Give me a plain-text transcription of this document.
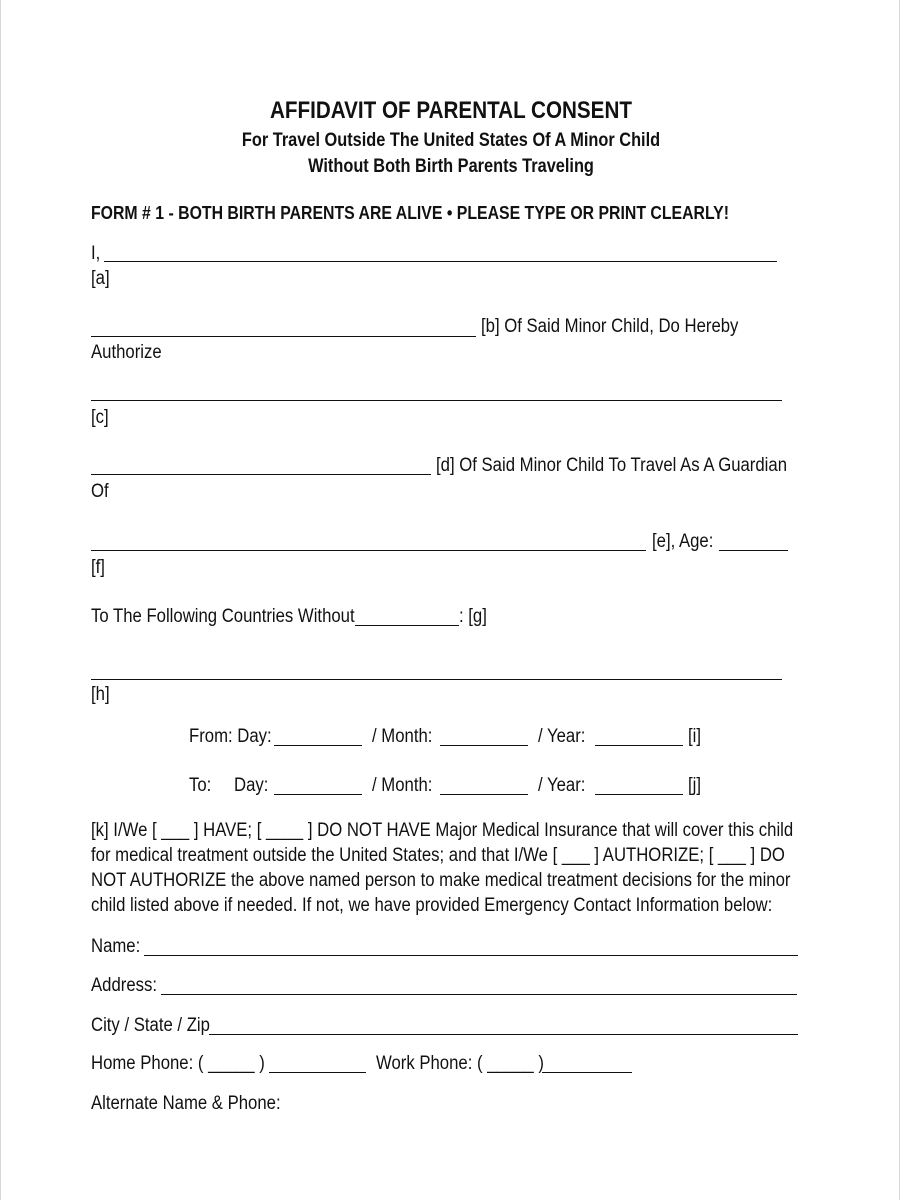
AFFIDAVIT OF PARENTAL CONSENT
For Travel Outside The United States Of A Minor Child
Without Both Birth Parents Traveling
FORM # 1 - BOTH BIRTH PARENTS ARE ALIVE • PLEASE TYPE OR PRINT CLEARLY!
I,
[a]
[b] Of Said Minor Child, Do Hereby
Authorize
[c]
[d] Of Said Minor Child To Travel As A Guardian
Of
[e], Age:
[f]
To The Following Countries Without	: [g]
[h]
From: Day:	/ Month:	/ Year:	[i]
To: Day:	/ Month:	/ Year:	[j]
[k] I/We [ ___ ] HAVE; [ ____ ] DO NOT HAVE Major Medical Insurance that will cover this child
for medical treatment outside the United States; and that I/We [ ___ ] AUTHORIZE; [ ___ ] DO
NOT AUTHORIZE the above named person to make medical treatment decisions for the minor
child listed above if needed. If not, we have provided Emergency Contact Information below:
Name:
Address:
City / State / Zip
Home Phone: ( _____ )	Work Phone: ( _____ )
Alternate Name & Phone:
